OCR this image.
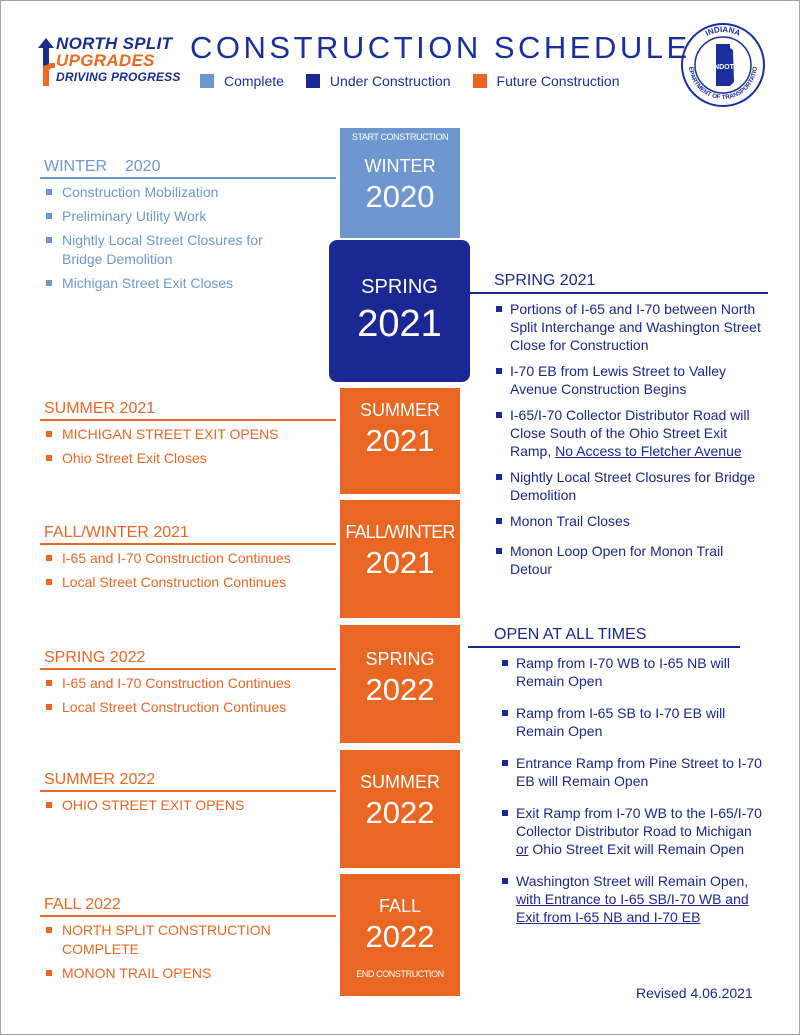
NORTH SPLIT
UPGRADES
DRIVING PROGRESS
CONSTRUCTION SCHEDULE
Complete	Under Construction	Future Construction
INDIANA
EPARTMENT OF TRANSPORTATIO
INDOT
START CONSTRUCTION
WINTER
2020
SPRING
2021
SUMMER
2021
FALL/WINTER
2021
SPRING
2022
SUMMER
2022
FALL
2022
END CONSTRUCTION
WINTER    2020
Construction Mobilization
Preliminary Utility Work
Nightly Local Street Closures for Bridge Demolition
Michigan Street Exit Closes
SUMMER 2021
MICHIGAN STREET EXIT OPENS
Ohio Street Exit Closes
FALL/WINTER 2021
I-65 and I-70 Construction Continues
Local Street Construction Continues
SPRING 2022
I-65 and I-70 Construction Continues
Local Street Construction Continues
SUMMER 2022
OHIO STREET EXIT OPENS
FALL 2022
NORTH SPLIT CONSTRUCTION COMPLETE
MONON TRAIL OPENS
SPRING 2021
Portions of I-65 and I-70 between North Split Interchange and Washington Street Close for Construction
I-70 EB from Lewis Street to Valley Avenue Construction Begins
I-65/I-70 Collector Distributor Road will Close South of the Ohio Street Exit Ramp, No Access to Fletcher Avenue
Nightly Local Street Closures for Bridge Demolition
Monon Trail Closes
Monon Loop Open for Monon Trail Detour
OPEN AT ALL TIMES
Ramp from I-70 WB to I-65 NB will Remain Open
Ramp from I-65 SB to I-70 EB will Remain Open
Entrance Ramp from Pine Street to I-70 EB will Remain Open
Exit Ramp from I-70 WB to the I-65/I-70 Collector Distributor Road to Michigan or Ohio Street Exit will Remain Open
Washington Street will Remain Open, with Entrance to I-65 SB/I-70 WB and Exit from I-65 NB and I-70 EB
Revised 4.06.2021
